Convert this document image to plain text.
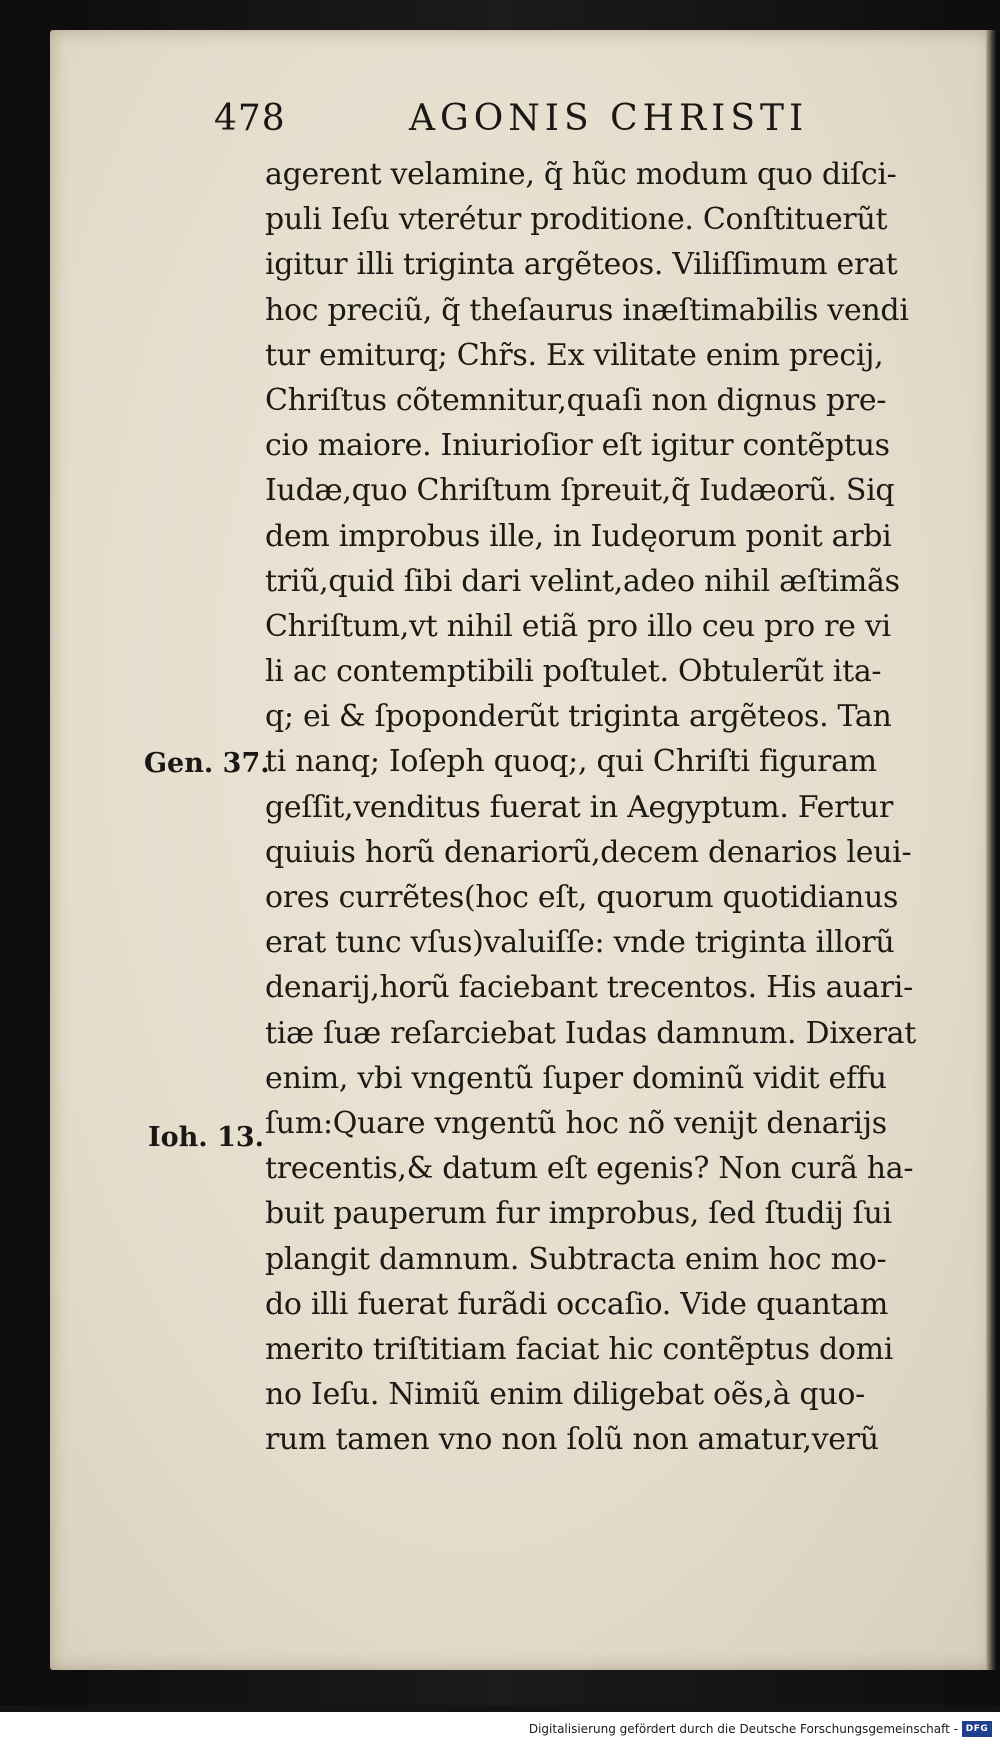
478	AGONIS CHRISTI
agerent velamine, q̃ hũc modum quo diſci-
puli Ieſu vterétur proditione. Conſtituerũt
igitur illi triginta argẽteos. Viliſſimum erat
hoc preciũ, q̃ theſaurus inæſtimabilis vendi
tur emiturq; Chr̃s. Ex vilitate enim precij,
Chriſtus cõtemnitur,quaſi non dignus pre-
cio maiore. Iniurioſior eſt igitur contẽptus
Iudæ,quo Chriſtum ſpreuit,q̃ Iudæorũ. Siq
dem improbus ille, in Iudęorum ponit arbi
triũ,quid ſibi dari velint,adeo nihil æſtimãs
Chriſtum,vt nihil etiã pro illo ceu pro re vi
li ac contemptibili poſtulet. Obtulerũt ita-
q; ei & ſpoponderũt triginta argẽteos. Tan
ti nanq; Ioſeph quoq;, qui Chriſti figuram
geſſit,venditus fuerat in Aegyptum. Fertur
quiuis horũ denariorũ,decem denarios leui-
ores currẽtes(hoc eſt, quorum quotidianus
erat tunc vſus)valuiſſe: vnde triginta illorũ
denarij,horũ faciebant trecentos. His auari-
tiæ ſuæ reſarciebat Iudas damnum. Dixerat
enim, vbi vngentũ ſuper dominũ vidit effu
ſum:Quare vngentũ hoc nõ venijt denarijs
trecentis,& datum eſt egenis? Non curã ha-
buit pauperum fur improbus, ſed ſtudij ſui
plangit damnum. Subtracta enim hoc mo-
do illi fuerat furãdi occaſio. Vide quantam
merito triſtitiam faciat hic contẽptus domi
no Ieſu. Nimiũ enim diligebat oẽs,à quo-
rum tamen vno non ſolũ non amatur,verũ
Gen. 37.
Ioh. 13.
Digitalisierung gefördert durch die Deutsche Forschungsgemeinschaft - DFG
